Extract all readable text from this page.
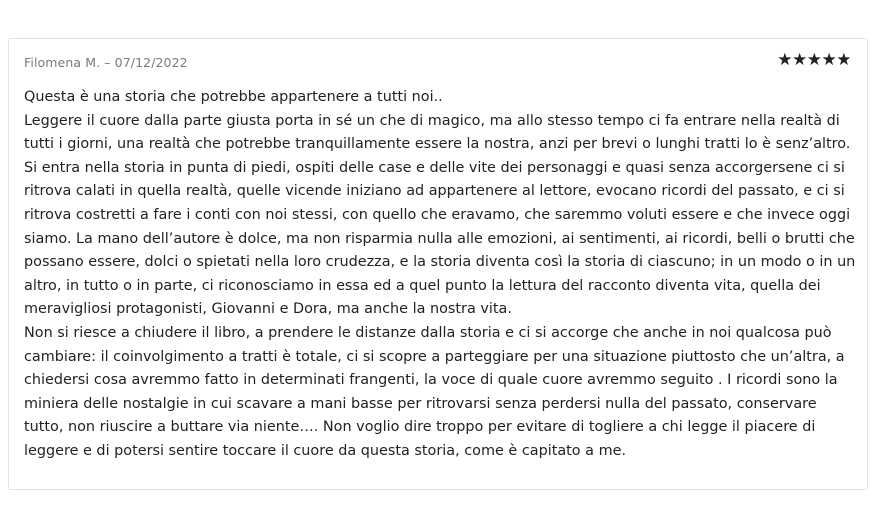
Filomena M. – 07/12/2022	★★★★★

Questa è una storia che potrebbe appartenere a tutti noi..

Leggere il cuore dalla parte giusta porta in sé un che di magico, ma allo stesso tempo ci fa entrare nella realtà di tutti i giorni, una realtà che potrebbe tranquillamente essere la nostra, anzi per brevi o lunghi tratti lo è senz’altro. Si entra nella storia in punta di piedi, ospiti delle case e delle vite dei personaggi e quasi senza accorgersene ci si ritrova calati in quella realtà, quelle vicende iniziano ad appartenere al lettore, evocano ricordi del passato, e ci si ritrova costretti a fare i conti con noi stessi, con quello che eravamo, che saremmo voluti essere e che invece oggi siamo. La mano dell’autore è dolce, ma non risparmia nulla alle emozioni, ai sentimenti, ai ricordi, belli o brutti che possano essere, dolci o spietati nella loro crudezza, e la storia diventa così la storia di ciascuno; in un modo o in un altro, in tutto o in parte, ci riconosciamo in essa ed a quel punto la lettura del racconto diventa vita, quella dei meravigliosi protagonisti, Giovanni e Dora, ma anche la nostra vita.

Non si riesce a chiudere il libro, a prendere le distanze dalla storia e ci si accorge che anche in noi qualcosa può cambiare: il coinvolgimento a tratti è totale, ci si scopre a parteggiare per una situazione piuttosto che un’altra, a chiedersi cosa avremmo fatto in determinati frangenti, la voce di quale cuore avremmo seguito . I ricordi sono la miniera delle nostalgie in cui scavare a mani basse per ritrovarsi senza perdersi nulla del passato, conservare tutto, non riuscire a buttare via niente…. Non voglio dire troppo per evitare di togliere a chi legge il piacere di leggere e di potersi sentire toccare il cuore da questa storia, come è capitato a me.
